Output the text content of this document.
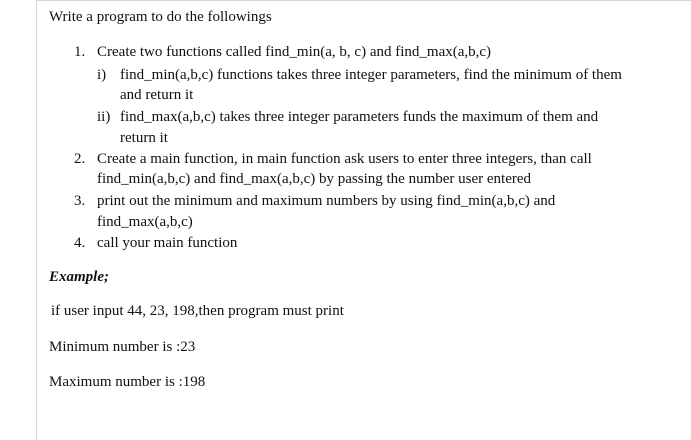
Write a program to do the followings
1. Create two functions called find_min(a, b, c) and find_max(a,b,c)
i) find_min(a,b,c) functions takes three integer parameters, find the minimum of them
and return it
ii) find_max(a,b,c) takes three integer parameters funds the maximum of them and
return it
2. Create a main function, in main function ask users to enter three integers, than call
find_min(a,b,c) and find_max(a,b,c) by passing the number user entered
3. print out the minimum and maximum numbers by using find_min(a,b,c) and
find_max(a,b,c)
4. call your main function
Example;
if user input 44, 23, 198,then program must print
Minimum number is :23
Maximum number is :198
